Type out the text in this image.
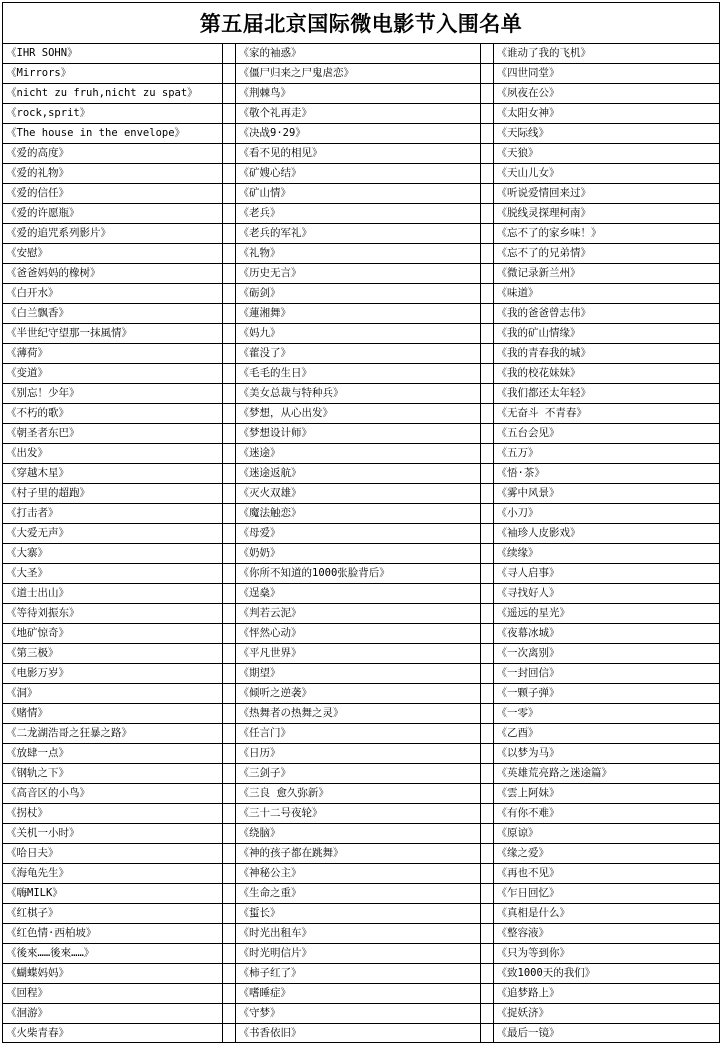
第五届北京国际微电影节入围名单
《IHR SOHN》		《家的袖惑》		《谁动了我的飞机》
《Mirrors》		《僵尸归来之尸鬼虐恋》		《四世同堂》
《nicht zu fruh,nicht zu spat》		《荆棘鸟》		《夙夜在公》
《rock,sprit》		《敬个礼再走》		《太阳女神》
《The house in the envelope》		《决战9·29》		《天际线》
《爱的高度》		《看不见的相见》		《天狼》
《爱的礼物》		《矿嫂心结》		《天山儿女》
《爱的信任》		《矿山情》		《听说爱情回来过》
《爱的许愿瓶》		《老兵》		《脱线灵探理柯南》
《爱的追咒系列影片》		《老兵的军礼》		《忘不了的家乡味！》
《安慰》		《礼物》		《忘不了的兄弟情》
《爸爸妈妈的橡树》		《历史无言》		《微记录新兰州》
《白开水》		《砺剑》		《味道》
《白兰飘香》		《蓮湘舞》		《我的爸爸曾志伟》
《半世纪守望那一抹風情》		《妈九》		《我的矿山情缘》
《薄荷》		《藿没了》		《我的青春我的城》
《变道》		《毛毛的生日》		《我的校花妹妹》
《别忘！少年》		《美女总裁与特种兵》		《我们都还太年轻》
《不朽的歌》		《梦想，从心出发》		《无奋斗 不青春》
《朝圣者东巴》		《梦想设计师》		《五台会见》
《出发》		《迷途》		《五万》
《穿越木星》		《迷途返航》		《悟·茶》
《村子里的超跑》		《灭火双雄》		《雾中风景》
《打击者》		《魔法触恋》		《小刀》
《大爱无声》		《母爱》		《袖珍人皮影戏》
《大寨》		《奶奶》		《续缘》
《大圣》		《你所不知道的1000张脸背后》		《寻人启事》
《道士出山》		《逞燊》		《寻找好人》
《等待刘振东》		《判若云泥》		《遥远的星光》
《地矿惊奇》		《怦然心动》		《夜幕冰城》
《第三极》		《平凡世界》		《一次离别》
《电影万岁》		《期望》		《一封回信》
《洞》		《倾听之逆袭》		《一颗子弹》
《赌情》		《热舞者の热舞之灵》		《一零》
《二龙湖浩哥之狂暴之路》		《任言门》		《乙酉》
《放肆一点》		《日历》		《以梦为马》
《钢轨之下》		《三剑子》		《英雄荒亮路之迷途篇》
《高音区的小鸟》		《三良 愈久弥新》		《雲上阿妹》
《拐杖》		《三十二号夜轮》		《有你不难》
《关机一小时》		《绕脑》		《原谅》
《哈日夫》		《神的孩子都在跳舞》		《缘之爱》
《海龟先生》		《神秘公主》		《再也不见》
《嗨MILK》		《生命之重》		《乍日回忆》
《红棋子》		《蜇长》		《真相是什么》
《红色情·西柏坡》		《时光出租车》		《整容液》
《後來……後來……》		《时光明信片》		《只为等到你》
《蝴蝶妈妈》		《柿子红了》		《致1000天的我们》
《回程》		《嗜睡症》		《追梦路上》
《洄游》		《守梦》		《捉妖济》
《火柴青春》		《书香依旧》		《最后一镜》
